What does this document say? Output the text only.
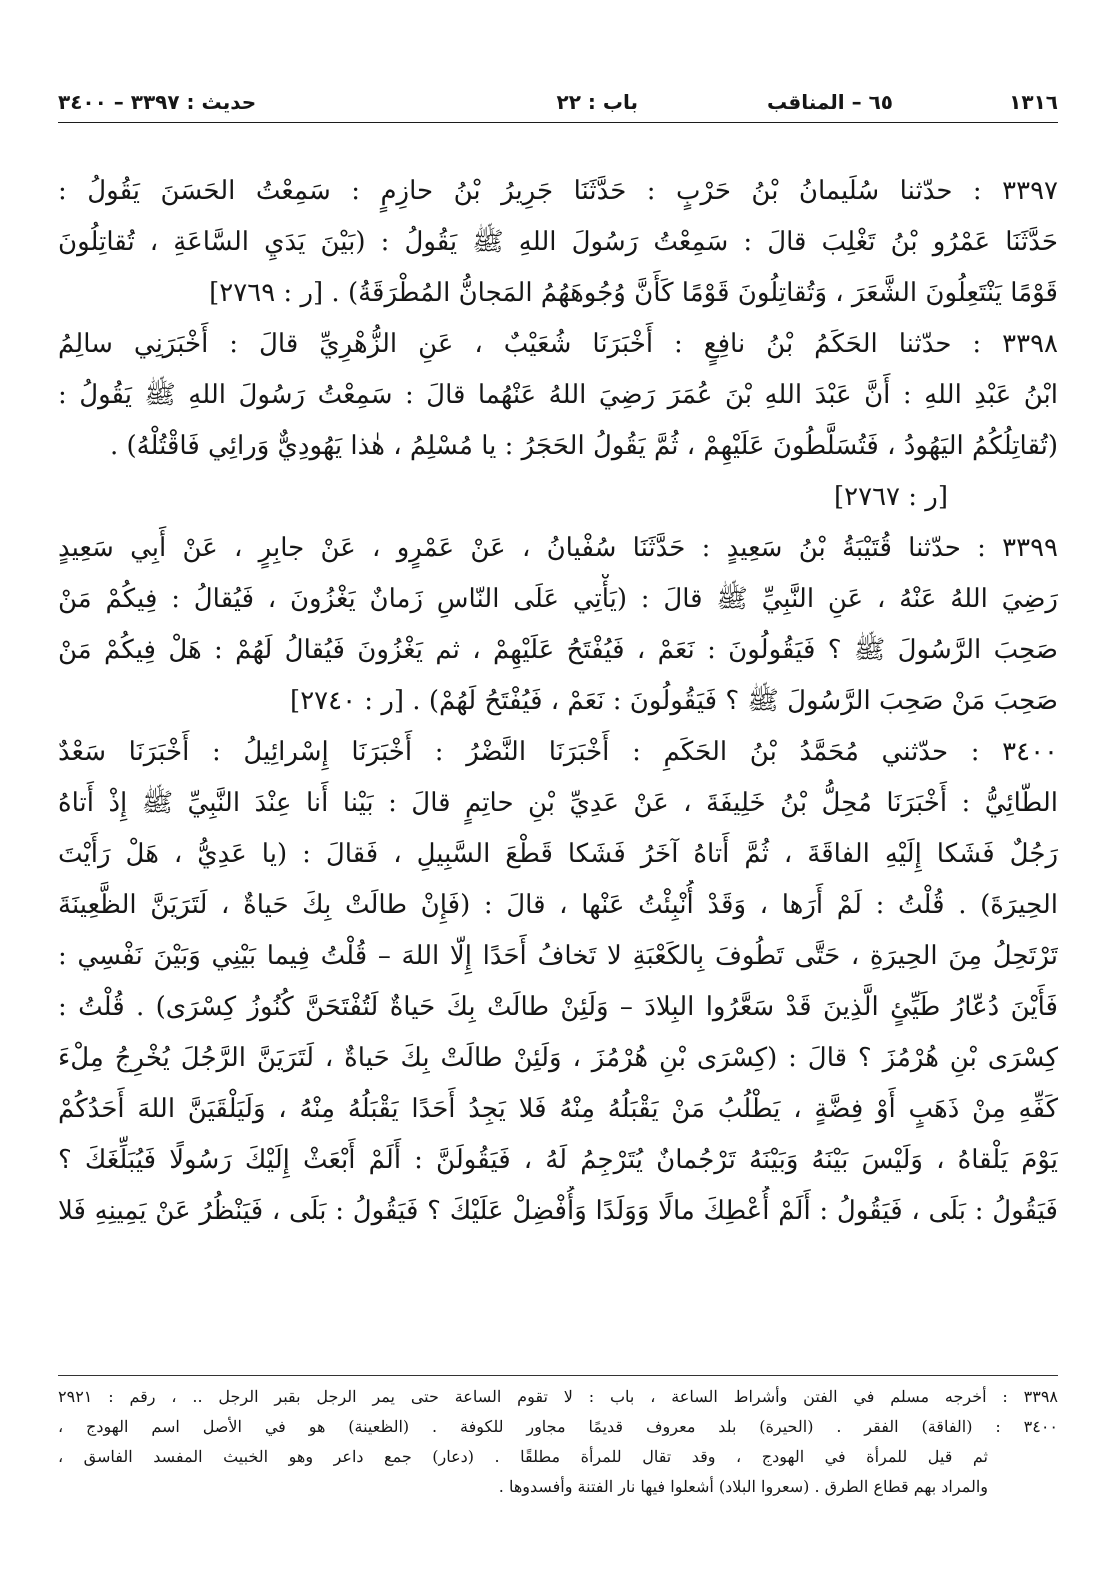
١٣١٦
٦٥ – المناقب
باب : ٢٢
حديث : ٣٣٩٧ – ٣٤٠٠
٣٣٩٧ : حدّثنا سُلَيمانُ بْنُ حَرْبٍ : حَدَّثَنَا جَرِيرُ بْنُ حازِمٍ : سَمِعْتُ الحَسَنَ يَقُولُ :
حَدَّثَنَا عَمْرُو بْنُ تَغْلِبَ قالَ : سَمِعْتُ رَسُولَ اللهِ ﷺ يَقُولُ : (بَيْنَ يَدَيِ السَّاعَةِ ، تُقاتِلُونَ
قَوْمًا يَنْتَعِلُونَ الشَّعَرَ ، وَتُقاتِلُونَ قَوْمًا كَأَنَّ وُجُوهَهُمُ المَجانُّ المُطْرَقَةُ) . [ر : ٢٧٦٩]
٣٣٩٨ : حدّثنا الحَكَمُ بْنُ نافِعٍ : أَخْبَرَنَا شُعَيْبٌ ، عَنِ الزُّهْرِيِّ قالَ : أَخْبَرَنِي سالِمُ
ابْنُ عَبْدِ اللهِ : أَنَّ عَبْدَ اللهِ بْنَ عُمَرَ رَضِيَ اللهُ عَنْهُما قالَ : سَمِعْتُ رَسُولَ اللهِ ﷺ يَقُولُ :
(تُقاتِلُكُمُ اليَهُودُ ، فَتُسَلَّطُونَ عَلَيْهِمْ ، ثُمَّ يَقُولُ الحَجَرُ : يا مُسْلِمُ ، هٰذا يَهُودِيٌّ وَرائِي فَاقْتُلْهُ) .
[ر : ٢٧٦٧]
٣٣٩٩ : حدّثنا قُتَيْبَةُ بْنُ سَعِيدٍ : حَدَّثَنَا سُفْيانُ ، عَنْ عَمْرٍو ، عَنْ جابِرٍ ، عَنْ أَبِي سَعِيدٍ
رَضِيَ اللهُ عَنْهُ ، عَنِ النَّبِيِّ ﷺ قالَ : (يَأْتِي عَلَى النّاسِ زَمانٌ يَغْزُونَ ، فَيُقالُ : فِيكُمْ مَنْ
صَحِبَ الرَّسُولَ ﷺ ؟ فَيَقُولُونَ : نَعَمْ ، فَيُفْتَحُ عَلَيْهِمْ ، ثم يَغْزُونَ فَيُقالُ لَهُمْ : هَلْ فِيكُمْ مَنْ
صَحِبَ مَنْ صَحِبَ الرَّسُولَ ﷺ ؟ فَيَقُولُونَ : نَعَمْ ، فَيُفْتَحُ لَهُمْ) . [ر : ٢٧٤٠]
٣٤٠٠ : حدّثني مُحَمَّدُ بْنُ الحَكَمِ : أَخْبَرَنَا النَّضْرُ : أَخْبَرَنَا إِسْرائِيلُ : أَخْبَرَنَا سَعْدٌ
الطّائِيُّ : أَخْبَرَنَا مُحِلُّ بْنُ خَلِيفَةَ ، عَنْ عَدِيِّ بْنِ حاتِمٍ قالَ : بَيْنا أَنا عِنْدَ النَّبِيِّ ﷺ إِذْ أَتاهُ
رَجُلٌ فَشَكا إِلَيْهِ الفاقَةَ ، ثُمَّ أَتاهُ آخَرُ فَشَكا قَطْعَ السَّبِيلِ ، فَقالَ : (يا عَدِيُّ ، هَلْ رَأَيْتَ
الحِيرَةَ) . قُلْتُ : لَمْ أَرَها ، وَقَدْ أُنْبِئْتُ عَنْها ، قالَ : (فَإِنْ طالَتْ بِكَ حَياةٌ ، لَتَرَيَنَّ الظَّعِينَةَ
تَرْتَحِلُ مِنَ الحِيرَةِ ، حَتَّى تَطُوفَ بِالكَعْبَةِ لا تَخافُ أَحَدًا إِلّا اللهَ – قُلْتُ فِيما بَيْنِي وَبَيْنَ نَفْسِي :
فَأَيْنَ دُعّارُ طَيِّئٍ الَّذِينَ قَدْ سَعَّرُوا البِلادَ – وَلَئِنْ طالَتْ بِكَ حَياةٌ لَتُفْتَحَنَّ كُنُوزُ كِسْرَى) . قُلْتُ :
كِسْرَى بْنِ هُرْمُزَ ؟ قالَ : (كِسْرَى بْنِ هُرْمُزَ ، وَلَئِنْ طالَتْ بِكَ حَياةٌ ، لَتَرَيَنَّ الرَّجُلَ يُخْرِجُ مِلْءَ
كَفِّهِ مِنْ ذَهَبٍ أَوْ فِضَّةٍ ، يَطْلُبُ مَنْ يَقْبَلُهُ مِنْهُ فَلا يَجِدُ أَحَدًا يَقْبَلُهُ مِنْهُ ، وَلَيَلْقَيَنَّ اللهَ أَحَدُكُمْ
يَوْمَ يَلْقاهُ ، وَلَيْسَ بَيْنَهُ وَبَيْنَهُ تَرْجُمانٌ يُتَرْجِمُ لَهُ ، فَيَقُولَنَّ : أَلَمْ أَبْعَثْ إِلَيْكَ رَسُولًا فَيُبَلِّغَكَ ؟
فَيَقُولُ : بَلَى ، فَيَقُولُ : أَلَمْ أُعْطِكَ مالًا وَوَلَدًا وَأُفْضِلْ عَلَيْكَ ؟ فَيَقُولُ : بَلَى ، فَيَنْظُرُ عَنْ يَمِينِهِ فَلا
٣٣٩٨ : أخرجه مسلم في الفتن وأشراط الساعة ، باب : لا تقوم الساعة حتى يمر الرجل بقبر الرجل .. ، رقم : ٢٩٢١
٣٤٠٠ : (الفاقة) الفقر . (الحيرة) بلد معروف قديمًا مجاور للكوفة . (الظعينة) هو في الأصل اسم الهودج ،
ثم قيل للمرأة في الهودج ، وقد تقال للمرأة مطلقًا . (دعار) جمع داعر وهو الخبيث المفسد الفاسق ،
والمراد بهم قطاع الطرق . (سعروا البلاد) أشعلوا فيها نار الفتنة وأفسدوها .
